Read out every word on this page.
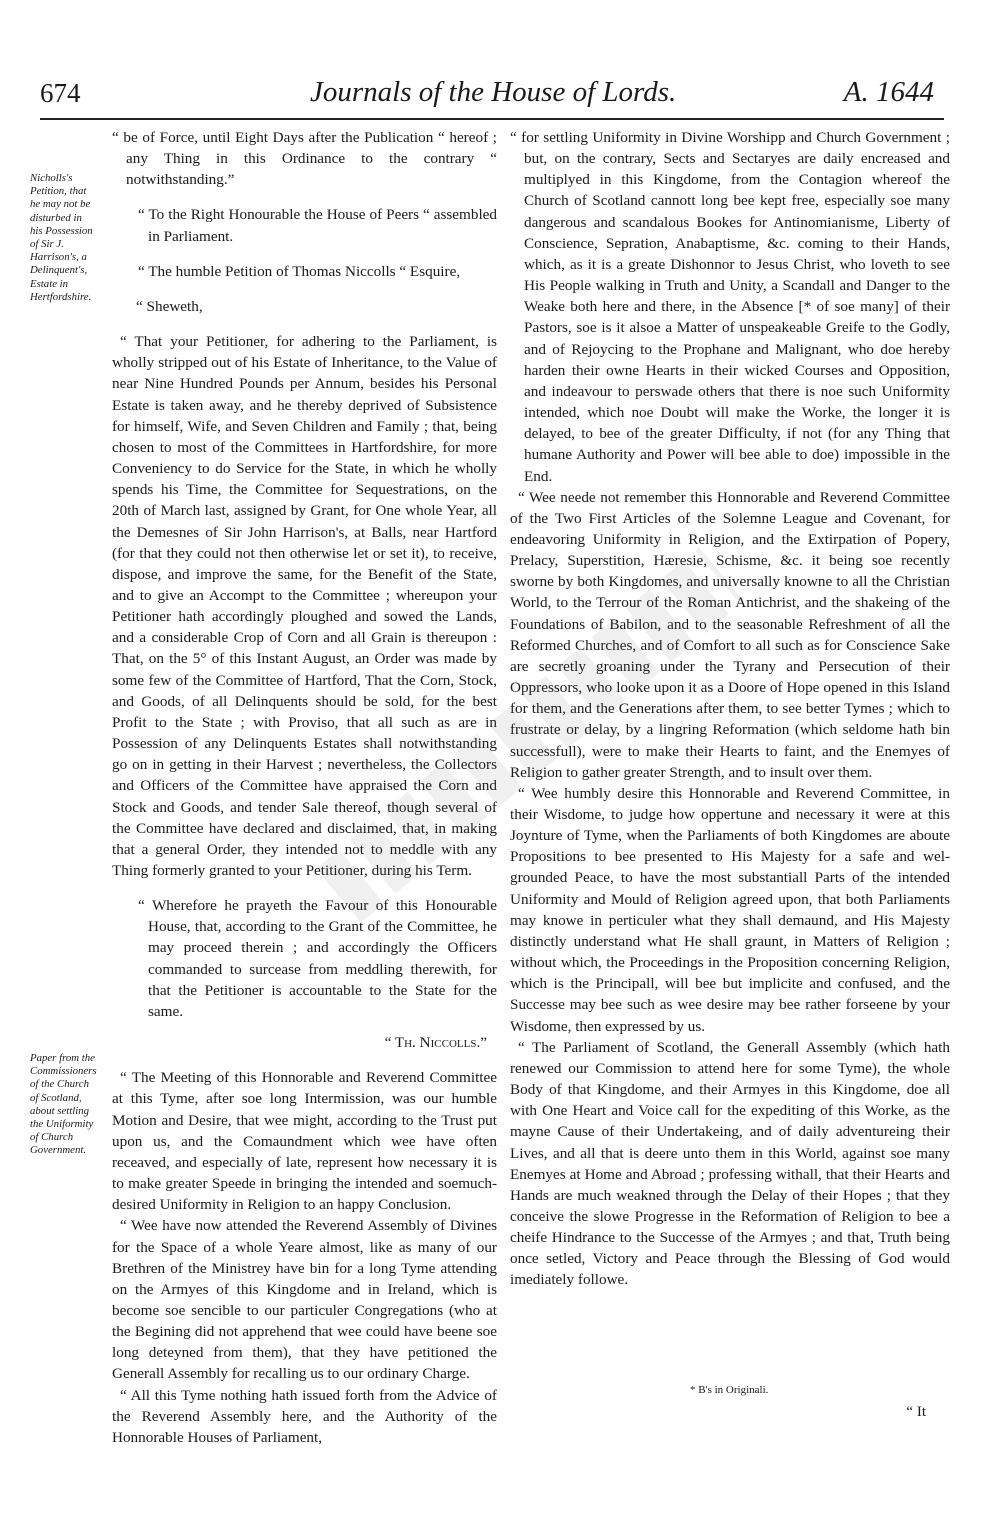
674	Journals of the House of Lords.	A. 1644
Nicholls's Petition, that he may not be disturbed in his Possession of Sir J. Harrison's, a Delinquent's, Estate in Hertfordshire.
Paper from the Commissioners of the Church of Scotland, about settling the Uniformity of Church Government.

“ be of Force, until Eight Days after the Publication “ hereof ; any Thing in this Ordinance to the contrary “ notwithstanding.”

“ To the Right Honourable the House of Peers “ assembled in Parliament.

“ The humble Petition of Thomas Niccolls “ Esquire,

“ Sheweth,

“ That your Petitioner, for adhering to the Parliament, is wholly stripped out of his Estate of Inheritance, to the Value of near Nine Hundred Pounds per Annum, besides his Personal Estate is taken away, and he thereby deprived of Subsistence for himself, Wife, and Seven Children and Family ; that, being chosen to most of the Committees in Hartfordshire, for more Conveniency to do Service for the State, in which he wholly spends his Time, the Committee for Sequestrations, on the 20th of March last, assigned by Grant, for One whole Year, all the Demesnes of Sir John Harrison's, at Balls, near Hartford (for that they could not then otherwise let or set it), to receive, dispose, and improve the same, for the Benefit of the State, and to give an Accompt to the Committee ; whereupon your Petitioner hath accordingly ploughed and sowed the Lands, and a considerable Crop of Corn and all Grain is thereupon : That, on the 5° of this Instant August, an Order was made by some few of the Committee of Hartford, That the Corn, Stock, and Goods, of all Delinquents should be sold, for the best Profit to the State ; with Proviso, that all such as are in Possession of any Delinquents Estates shall notwithstanding go on in getting in their Harvest ; nevertheless, the Collectors and Officers of the Committee have appraised the Corn and Stock and Goods, and tender Sale thereof, though several of the Committee have declared and disclaimed, that, in making that a general Order, they intended not to meddle with any Thing formerly granted to your Petitioner, during his Term.

“ Wherefore he prayeth the Favour of this Honourable House, that, according to the Grant of the Committee, he may proceed therein ; and accordingly the Officers commanded to surcease from meddling therewith, for that the Petitioner is accountable to the State for the same.

“ Th. Niccolls.”

“ The Meeting of this Honnorable and Reverend Committee at this Tyme, after soe long Intermission, was our humble Motion and Desire, that wee might, according to the Trust put upon us, and the Comaundment which wee have often receaved, and especially of late, represent how necessary it is to make greater Speede in bringing the intended and soemuch-desired Uniformity in Religion to an happy Conclusion.

“ Wee have now attended the Reverend Assembly of Divines for the Space of a whole Yeare almost, like as many of our Brethren of the Ministrey have bin for a long Tyme attending on the Armyes of this Kingdome and in Ireland, which is become soe sencible to our particuler Congregations (who at the Begining did not apprehend that wee could have beene soe long deteyned from them), that they have petitioned the Generall Assembly for recalling us to our ordinary Charge.

“ All this Tyme nothing hath issued forth from the Advice of the Reverend Assembly here, and the Authority of the Honnorable Houses of Parliament,

“ for settling Uniformity in Divine Worshipp and Church Government ; but, on the contrary, Sects and Sectaryes are daily encreased and multiplyed in this Kingdome, from the Contagion whereof the Church of Scotland cannott long bee kept free, especially soe many dangerous and scandalous Bookes for Antinomianisme, Liberty of Conscience, Sepration, Anabaptisme, &c. coming to their Hands, which, as it is a greate Dishonnor to Jesus Christ, who loveth to see His People walking in Truth and Unity, a Scandall and Danger to the Weake both here and there, in the Absence [* of soe many] of their Pastors, soe is it alsoe a Matter of unspeakeable Greife to the Godly, and of Rejoycing to the Prophane and Malignant, who doe hereby harden their owne Hearts in their wicked Courses and Opposition, and indeavour to perswade others that there is noe such Uniformity intended, which noe Doubt will make the Worke, the longer it is delayed, to bee of the greater Difficulty, if not (for any Thing that humane Authority and Power will bee able to doe) impossible in the End.

“ Wee neede not remember this Honnorable and Reverend Committee of the Two First Articles of the Solemne League and Covenant, for endeavoring Uniformity in Religion, and the Extirpation of Popery, Prelacy, Superstition, Hæresie, Schisme, &c. it being soe recently sworne by both Kingdomes, and universally knowne to all the Christian World, to the Terrour of the Roman Antichrist, and the shakeing of the Foundations of Babilon, and to the seasonable Refreshment of all the Reformed Churches, and of Comfort to all such as for Conscience Sake are secretly groaning under the Tyrany and Persecution of their Oppressors, who looke upon it as a Doore of Hope opened in this Island for them, and the Generations after them, to see better Tymes ; which to frustrate or delay, by a lingring Reformation (which seldome hath bin successfull), were to make their Hearts to faint, and the Enemyes of Religion to gather greater Strength, and to insult over them.

“ Wee humbly desire this Honnorable and Reverend Committee, in their Wisdome, to judge how oppertune and necessary it were at this Joynture of Tyme, when the Parliaments of both Kingdomes are aboute Propositions to bee presented to His Majesty for a safe and wel-grounded Peace, to have the most substantiall Parts of the intended Uniformity and Mould of Religion agreed upon, that both Parliaments may knowe in perticuler what they shall demaund, and His Majesty distinctly understand what He shall graunt, in Matters of Religion ; without which, the Proceedings in the Proposition concerning Religion, which is the Principall, will bee but implicite and confused, and the Successe may bee such as wee desire may bee rather forseene by your Wisdome, then expressed by us.

“ The Parliament of Scotland, the Generall Assembly (which hath renewed our Commission to attend here for some Tyme), the whole Body of that Kingdome, and their Armyes in this Kingdome, doe all with One Heart and Voice call for the expediting of this Worke, as the mayne Cause of their Undertakeing, and of daily adventureing their Lives, and all that is deere unto them in this World, against soe many Enemyes at Home and Abroad ; professing withall, that their Hearts and Hands are much weakned through the Delay of their Hopes ; that they conceive the slowe Progresse in the Reformation of Religion to bee a cheife Hindrance to the Successe of the Armyes ; and that, Truth being once setled, Victory and Peace through the Blessing of God would imediately followe.

* B's in Originali.
“ It
